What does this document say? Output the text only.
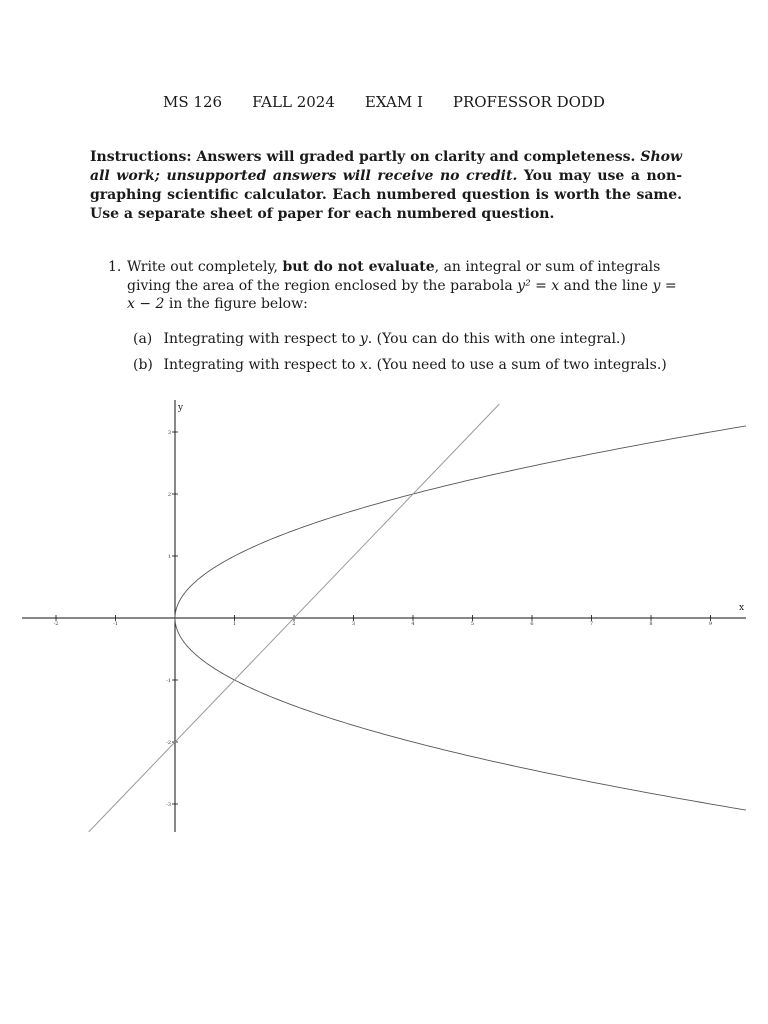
MS 126 FALL 2024 EXAM I PROFESSOR DODD
Instructions: Answers will graded partly on clarity and completeness. Show all work; unsupported answers will receive no credit. You may use a non-graphing scientific calculator. Each numbered question is worth the same. Use a separate sheet of paper for each numbered question.
1. Write out completely, but do not evaluate, an integral or sum of integrals giving the area of the region enclosed by the parabola y² = x and the line y = x − 2 in the figure below:
(a) Integrating with respect to y. (You can do this with one integral.)
(b) Integrating with respect to x. (You need to use a sum of two integrals.)
-2	-1	1	2	3	4	5	6	7	8	9
-3
-2
-1
1
2
3
x
y
